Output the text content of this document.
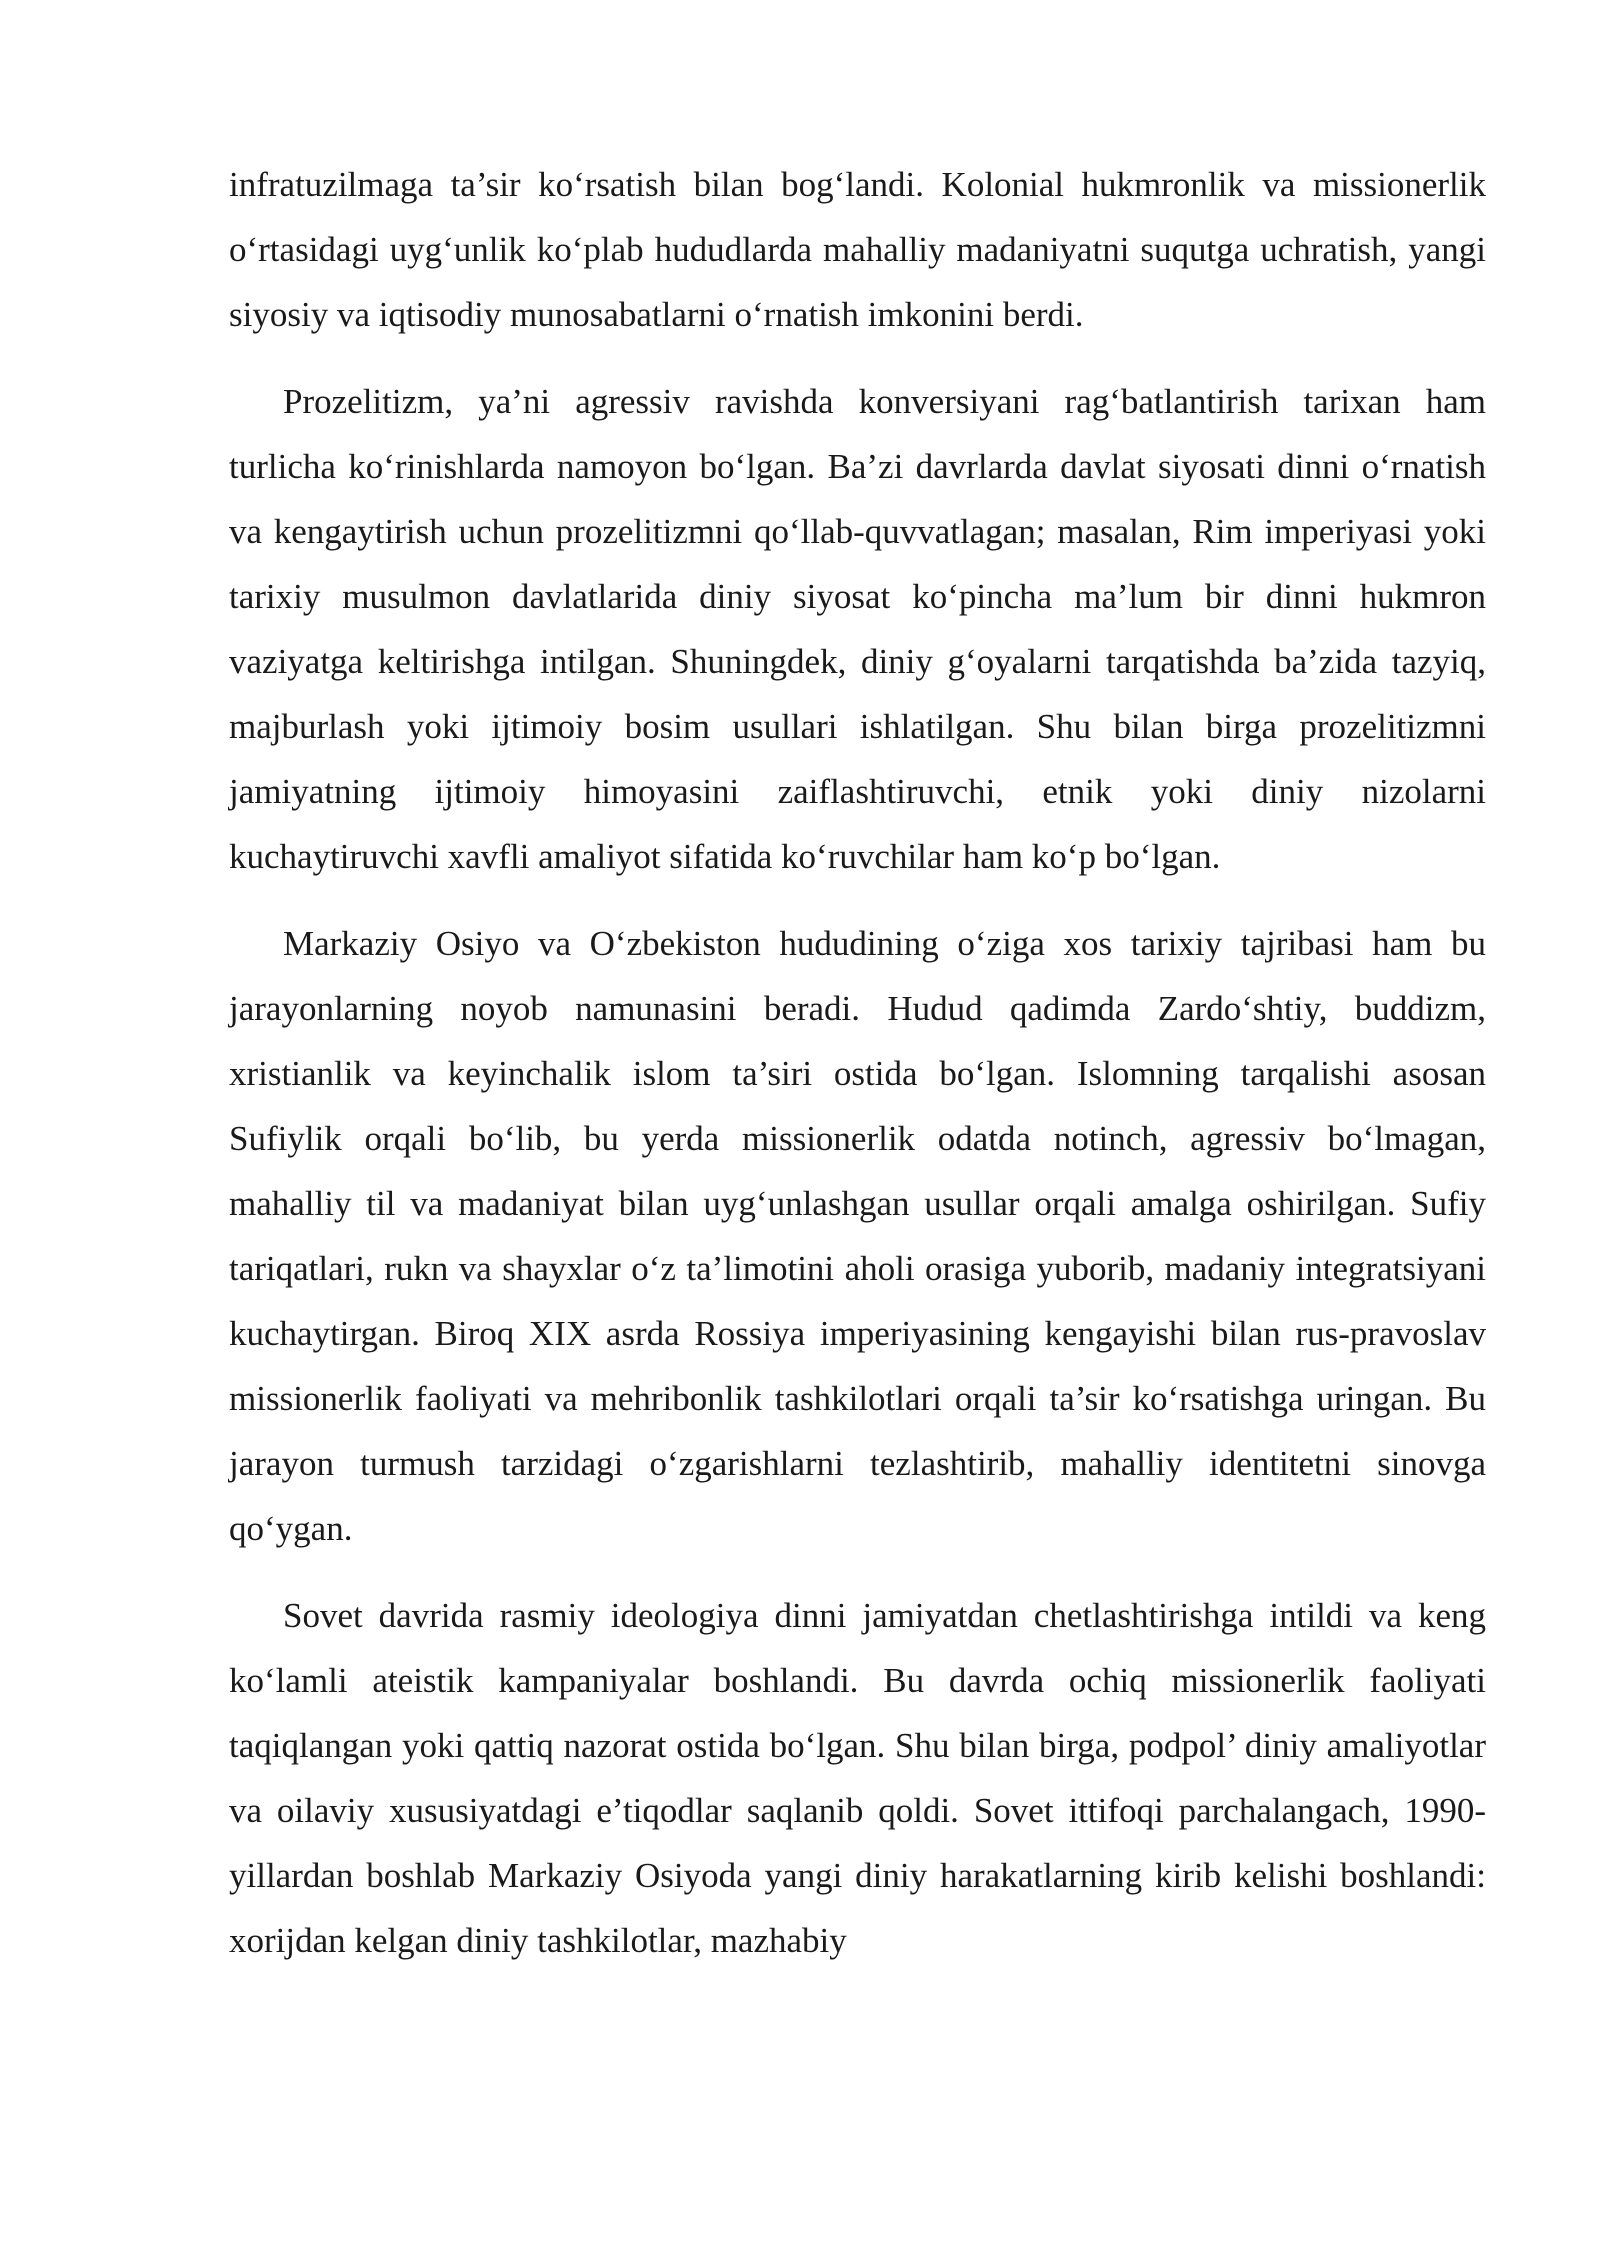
infratuzilmaga ta’sir ko‘rsatish bilan bog‘landi. Kolonial hukmronlik va missionerlik o‘rtasidagi uyg‘unlik ko‘plab hududlarda mahalliy madaniyatni suqutga uchratish, yangi siyosiy va iqtisodiy munosabatlarni o‘rnatish imkonini berdi.

Prozelitizm, ya’ni agressiv ravishda konversiyani rag‘batlantirish tarixan ham turlicha ko‘rinishlarda namoyon bo‘lgan. Ba’zi davrlarda davlat siyosati dinni o‘rnatish va kengaytirish uchun prozelitizmni qo‘llab-quvvatlagan; masalan, Rim imperiyasi yoki tarixiy musulmon davlatlarida diniy siyosat ko‘pincha ma’lum bir dinni hukmron vaziyatga keltirishga intilgan. Shuningdek, diniy g‘oyalarni tarqatishda ba’zida tazyiq, majburlash yoki ijtimoiy bosim usullari ishlatilgan. Shu bilan birga prozelitizmni jamiyatning ijtimoiy himoyasini zaiflashtiruvchi, etnik yoki diniy nizolarni kuchaytiruvchi xavfli amaliyot sifatida ko‘ruvchilar ham ko‘p bo‘lgan.

Markaziy Osiyo va O‘zbekiston hududining o‘ziga xos tarixiy tajribasi ham bu jarayonlarning noyob namunasini beradi. Hudud qadimda Zardo‘shtiy, buddizm, xristianlik va keyinchalik islom ta’siri ostida bo‘lgan. Islomning tarqalishi asosan Sufiylik orqali bo‘lib, bu yerda missionerlik odatda notinch, agressiv bo‘lmagan, mahalliy til va madaniyat bilan uyg‘unlashgan usullar orqali amalga oshirilgan. Sufiy tariqatlari, rukn va shayxlar o‘z ta’limotini aholi orasiga yuborib, madaniy integratsiyani kuchaytirgan. Biroq XIX asrda Rossiya imperiyasining kengayishi bilan rus-pravoslav missionerlik faoliyati va mehribonlik tashkilotlari orqali ta’sir ko‘rsatishga uringan. Bu jarayon turmush tarzidagi o‘zgarishlarni tezlashtirib, mahalliy identitetni sinovga qo‘ygan.

Sovet davrida rasmiy ideologiya dinni jamiyatdan chetlashtirishga intildi va keng ko‘lamli ateistik kampaniyalar boshlandi. Bu davrda ochiq missionerlik faoliyati taqiqlangan yoki qattiq nazorat ostida bo‘lgan. Shu bilan birga, podpol’ diniy amaliyotlar va oilaviy xususiyatdagi e’tiqodlar saqlanib qoldi. Sovet ittifoqi parchalangach, 1990-yillardan boshlab Markaziy Osiyoda yangi diniy harakatlarning kirib kelishi boshlandi: xorijdan kelgan diniy tashkilotlar, mazhabiy
